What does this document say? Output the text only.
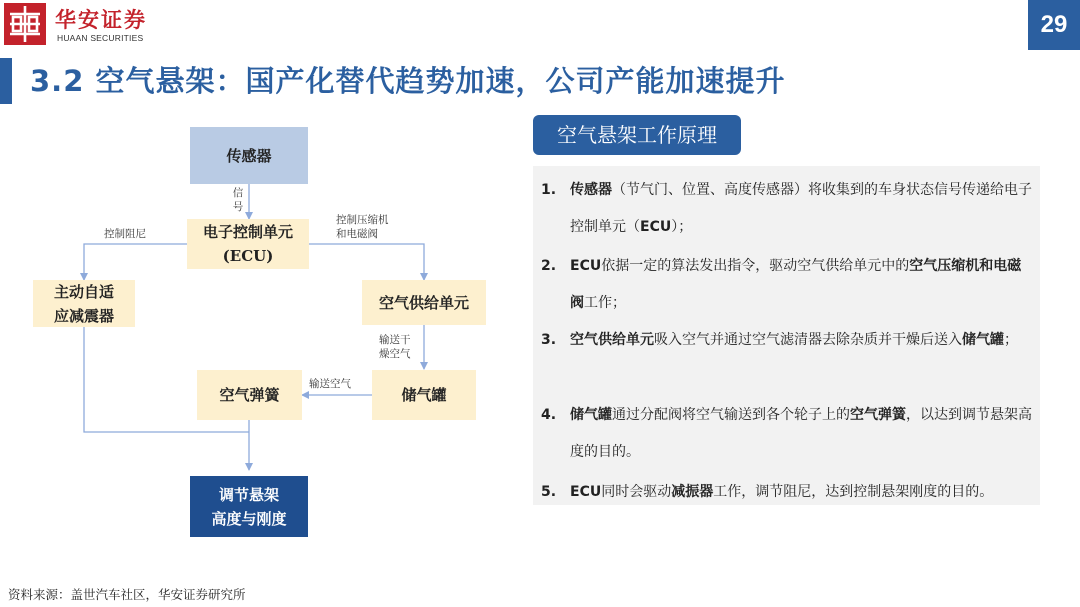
华安证券
HUAAN SECURITIES	29
3.2 空气悬架：国产化替代趋势加速，公司产能加速提升
传感器
电子控制单元
(ECU)
主动自适
应减震器
空气供给单元
空气弹簧	储气罐
调节悬架
高度与刚度
信
号
控制阻尼
控制压缩机
和电磁阀
输送干
燥空气
输送空气
空气悬架工作原理
1. 传感器（节气门、位置、高度传感器）将收集到的车身状态信号传递给电子控制单元（ECU）；
2. ECU依据一定的算法发出指令，驱动空气供给单元中的空气压缩机和电磁阀工作；
3. 空气供给单元吸入空气并通过空气滤清器去除杂质并干燥后送入储气罐；
4. 储气罐通过分配阀将空气输送到各个轮子上的空气弹簧，以达到调节悬架高度的目的。
5. ECU同时会驱动减振器工作，调节阻尼，达到控制悬架刚度的目的。
资料来源：盖世汽车社区，华安证券研究所
